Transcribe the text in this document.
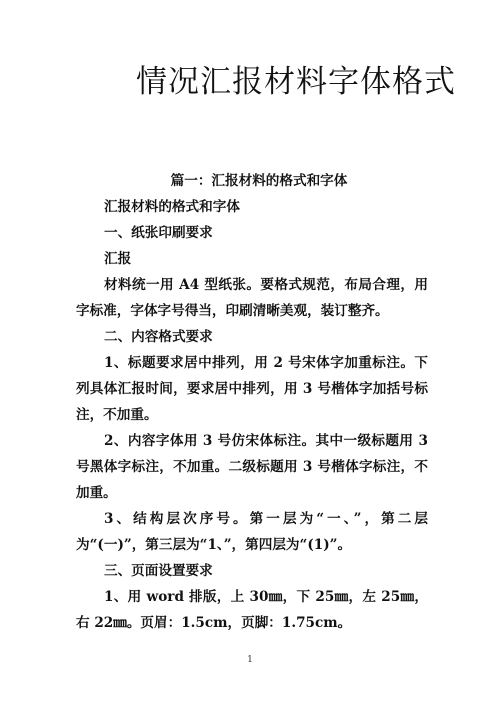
情况汇报材料字体格式

篇一：汇报材料的格式和字体

汇报材料的格式和字体

一、纸张印刷要求

汇报

材料统一用 A4 型纸张。要格式规范，布局合理，用字标准，字体字号得当，印刷清晰美观，装订整齐。

二、内容格式要求

1、标题要求居中排列，用 2 号宋体字加重标注。下列具体汇报时间，要求居中排列，用 3 号楷体字加括号标注，不加重。

2、内容字体用 3 号仿宋体标注。其中一级标题用 3 号黑体字标注，不加重。二级标题用 3 号楷体字标注，不加重。

3、结构层次序号。第一层为“一、”，第二层为“(一)”，第三层为“1、”，第四层为“(1)”。

三、页面设置要求

1、用 word 排版，上 30㎜，下 25㎜，左 25㎜，右 22㎜。页眉：1.5cm，页脚：1.75cm。

1
